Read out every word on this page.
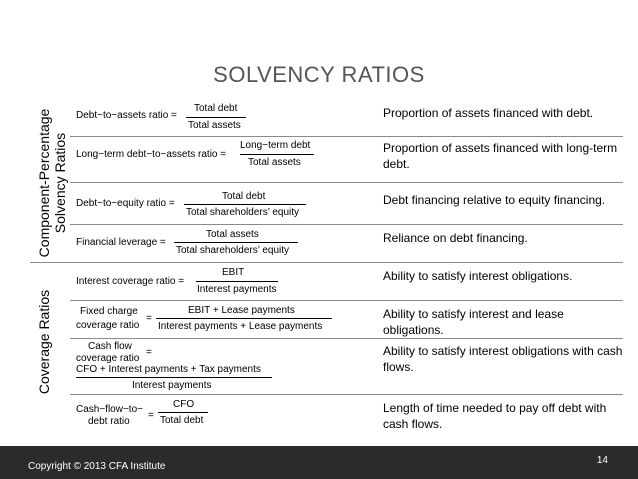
SOLVENCY RATIOS
Component-Percentage Solvency Ratios
Coverage Ratios
Debt−to−assets ratio =
Total debt
Total assets
Proportion of assets financed with debt.
Long−term debt−to−assets ratio =
Long−term debt
Total assets
Proportion of assets financed with long-term debt.
Debt−to−equity ratio =
Total debt
Total shareholders’ equity
Debt financing relative to equity financing.
Financial leverage =
Total assets
Total shareholders’ equity
Reliance on debt financing.
Interest coverage ratio =
EBIT
Interest payments
Ability to satisfy interest obligations.
Fixed charge
coverage ratio
=
EBIT + Lease payments
Interest payments + Lease payments
Ability to satisfy interest and lease obligations.
Cash flow
coverage ratio
=
CFO + Interest payments + Tax payments
Interest payments
Ability to satisfy interest obligations with cash flows.
Cash−flow−to−
debt ratio
=
CFO
Total debt
Length of time needed to pay off debt with cash flows.
Copyright © 2013 CFA Institute
14
